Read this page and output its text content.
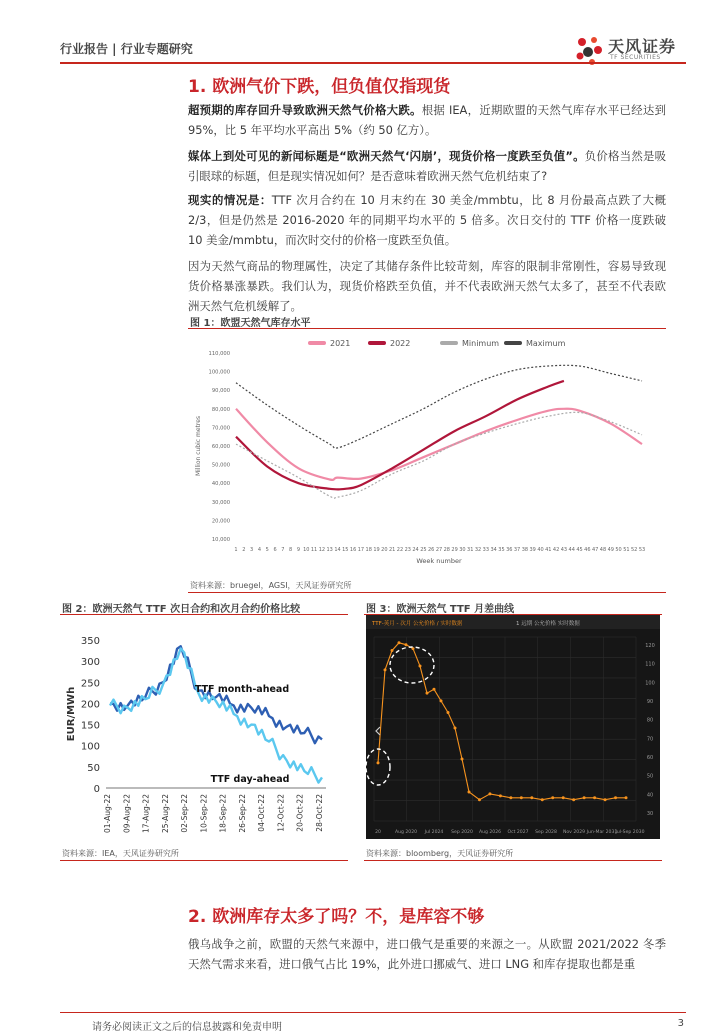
行业报告 | 行业专题研究	天风证券
TF SECURITIES
1. 欧洲气价下跌，但负值仅指现货
超预期的库存回升导致欧洲天然气价格大跌。根据 IEA，近期欧盟的天然气库存水平已经达到 95%，比 5 年平均水平高出 5%（约 50 亿方）。
媒体上到处可见的新闻标题是“欧洲天然气‘闪崩’，现货价格一度跌至负值”。负价格当然是吸引眼球的标题，但是现实情况如何？是否意味着欧洲天然气危机结束了?
现实的情况是：TTF 次月合约在 10 月末约在 30 美金/mmbtu，比 8 月份最高点跌了大概 2/3，但是仍然是 2016-2020 年的同期平均水平的 5 倍多。次日交付的 TTF 价格一度跌破 10 美金/mmbtu，而次时交付的价格一度跌至负值。
因为天然气商品的物理属性，决定了其储存条件比较苛刻，库容的限制非常刚性，容易导致现货价格暴涨暴跌。我们认为，现货价格跌至负值，并不代表欧洲天然气太多了，甚至不代表欧洲天然气危机缓解了。
图 1：欧盟天然气库存水平
2021	2022	Minimum	Maximum
10,000
20,000
30,000
40,000
50,000
60,000
70,000
80,000
90,000
100,000
110,000
Million cubic metres
1 2 3 4 5 6 7 8 9 10 11 12 13 14 15 16 17 18 19 20 21 22 23 24 25 26 27 28 29 30 31 32 33 34 35 36 37 38 39 40 41 42 43 44 45 46 47 48 49 50 51 52 53
Week number
资料来源：bruegel，AGSI，天风证券研究所
图 2：欧洲天然气 TTF 次日合约和次月合约价格比较
0
50
100
150
200
250
300
350
EUR/MWh
01-Aug-22 09-Aug-22 17-Aug-22 25-Aug-22 02-Sep-22 10-Sep-22 18-Sep-22 26-Sep-22 04-Oct-22 12-Oct-22 20-Oct-22 28-Oct-22
TTF month-ahead
TTF day-ahead
资料来源：IEA，天风证券研究所
图 3：欧洲天然气 TTF 月差曲线
TTF-英月 - 次月 公允价格 / 实时数据	1 远期 公允价格 实时数据
120
110
100
90
80
70
60
50
40
30
20	Aug 2020 Jul 2024 Sep 2020 Aug 2026 Oct 2027 Sep 2028 Nov 2029 Jun-Mar 2031
Jul-Sep 2030
资料来源：bloomberg，天风证券研究所
2. 欧洲库存太多了吗？不，是库容不够
俄乌战争之前，欧盟的天然气来源中，进口俄气是重要的来源之一。从欧盟 2021/2022 冬季天然气需求来看，进口俄气占比 19%，此外进口挪威气、进口 LNG 和库存提取也都是重
请务必阅读正文之后的信息披露和免责申明	3
